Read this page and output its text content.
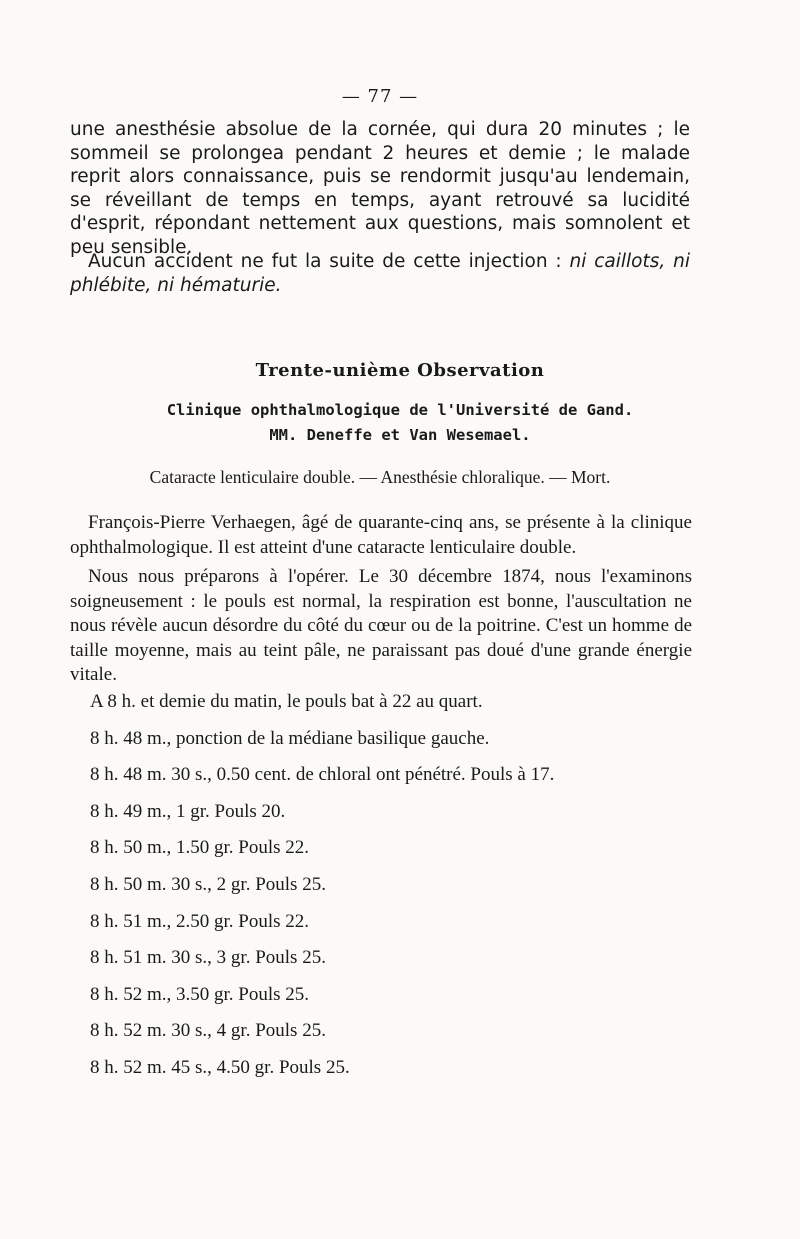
— 77 —
une anesthésie absolue de la cornée, qui dura 20 minutes ; le sommeil se prolongea pendant 2 heures et demie ; le malade reprit alors connaissance, puis se rendormit jusqu'au lendemain, se réveillant de temps en temps, ayant retrouvé sa lucidité d'esprit, répondant nettement aux questions, mais somnolent et peu sensible.
Aucun accident ne fut la suite de cette injection : ni caillots, ni phlébite, ni hématurie.
Trente-unième Observation
Clinique ophthalmologique de l'Université de Gand.
MM. Deneffe et Van Wesemael.
Cataracte lenticulaire double. — Anesthésie chloralique. — Mort.
François-Pierre Verhaegen, âgé de quarante-cinq ans, se présente à la clinique ophthalmologique. Il est atteint d'une cataracte lenticulaire double.
Nous nous préparons à l'opérer. Le 30 décembre 1874, nous l'examinons soigneusement : le pouls est normal, la respiration est bonne, l'auscultation ne nous révèle aucun désordre du côté du cœur ou de la poitrine. C'est un homme de taille moyenne, mais au teint pâle, ne paraissant pas doué d'une grande énergie vitale.
A 8 h. et demie du matin, le pouls bat à 22 au quart.
8 h. 48 m., ponction de la médiane basilique gauche.
8 h. 48 m. 30 s., 0.50 cent. de chloral ont pénétré. Pouls à 17.
8 h. 49 m., 1 gr. Pouls 20.
8 h. 50 m., 1.50 gr. Pouls 22.
8 h. 50 m. 30 s., 2 gr. Pouls 25.
8 h. 51 m., 2.50 gr. Pouls 22.
8 h. 51 m. 30 s., 3 gr. Pouls 25.
8 h. 52 m., 3.50 gr. Pouls 25.
8 h. 52 m. 30 s., 4 gr. Pouls 25.
8 h. 52 m. 45 s., 4.50 gr. Pouls 25.
